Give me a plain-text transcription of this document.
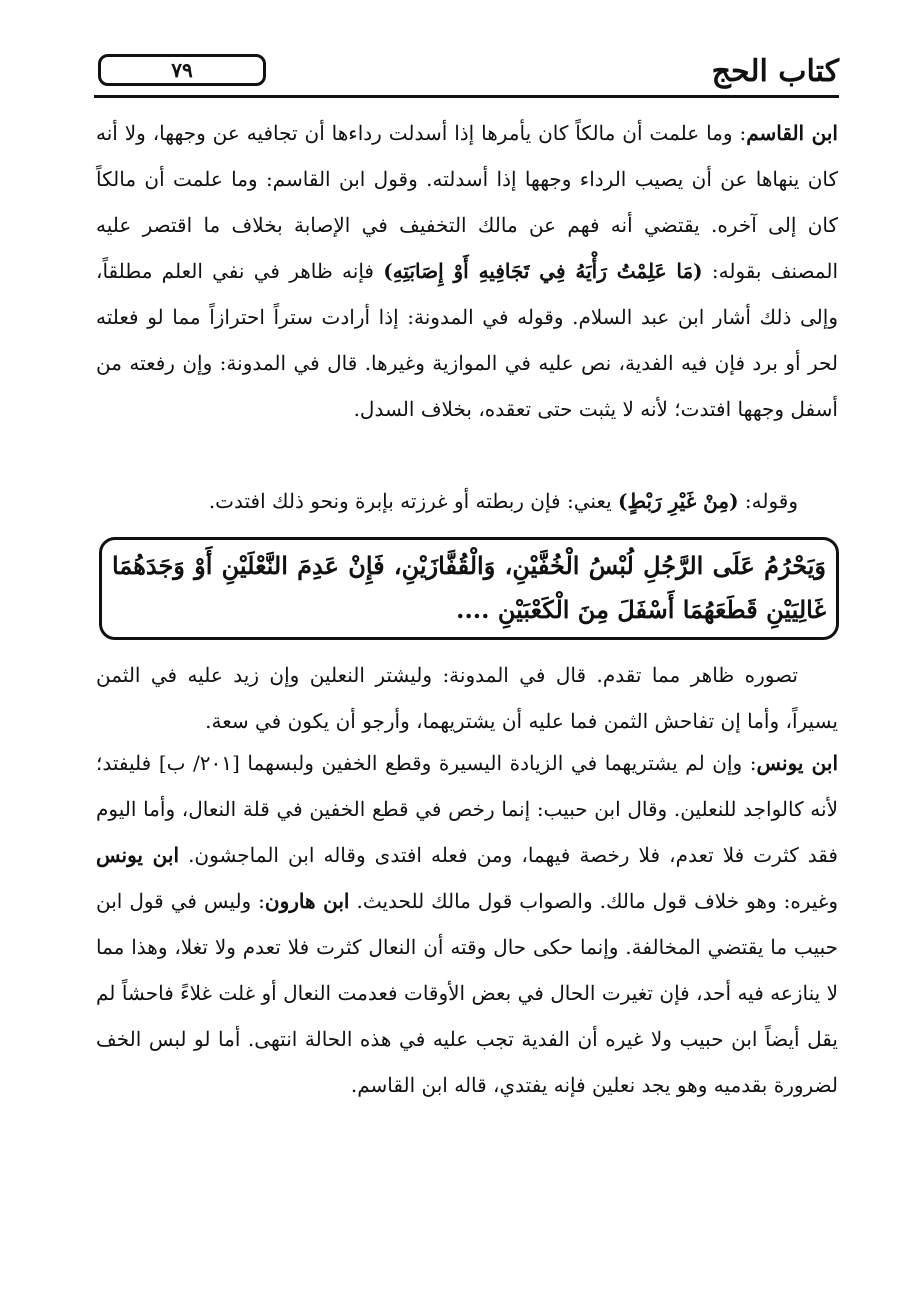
كتاب الحج
٧٩

ابن القاسم: وما علمت أن مالكاً كان يأمرها إذا أسدلت رداءها أن تجافيه عن وجهها، ولا أنه كان ينهاها عن أن يصيب الرداء وجهها إذا أسدلته. وقول ابن القاسم: وما علمت أن مالكاً كان إلى آخره. يقتضي أنه فهم عن مالك التخفيف في الإصابة بخلاف ما اقتصر عليه المصنف بقوله: (مَا عَلِمْتُ رَأْيَهُ فِي تَجَافِيهِ أَوْ إِصَابَتِهِ) فإنه ظاهر في نفي العلم مطلقاً، وإلى ذلك أشار ابن عبد السلام. وقوله في المدونة: إذا أرادت ستراً احترازاً مما لو فعلته لحر أو برد فإن فيه الفدية، نص عليه في الموازية وغيرها. قال في المدونة: وإن رفعته من أسفل وجهها افتدت؛ لأنه لا يثبت حتى تعقده، بخلاف السدل.

وقوله: (مِنْ غَيْرِ رَبْطٍ) يعني: فإن ربطته أو غرزته بإبرة ونحو ذلك افتدت.

وَيَحْرُمُ عَلَى الرَّجُلِ لُبْسُ الْخُفَّيْنِ، وَالْقُفَّازَيْنِ، فَإِنْ عَدِمَ النَّعْلَيْنِ أَوْ وَجَدَهُمَا غَالِيَيْنِ قَطَعَهُمَا أَسْفَلَ مِنَ الْكَعْبَيْنِ ....

تصوره ظاهر مما تقدم. قال في المدونة: وليشتر النعلين وإن زيد عليه في الثمن يسيراً، وأما إن تفاحش الثمن فما عليه أن يشتريهما، وأرجو أن يكون في سعة.

ابن يونس: وإن لم يشتريهما في الزيادة اليسيرة وقطع الخفين ولبسهما [٢٠١/ ب] فليفتد؛ لأنه كالواجد للنعلين. وقال ابن حبيب: إنما رخص في قطع الخفين في قلة النعال، وأما اليوم فقد كثرت فلا تعدم، فلا رخصة فيهما، ومن فعله افتدى وقاله ابن الماجشون. ابن يونس وغيره: وهو خلاف قول مالك. والصواب قول مالك للحديث. ابن هارون: وليس في قول ابن حبيب ما يقتضي المخالفة. وإنما حكى حال وقته أن النعال كثرت فلا تعدم ولا تغلا، وهذا مما لا ينازعه فيه أحد، فإن تغيرت الحال في بعض الأوقات فعدمت النعال أو غلت غلاءً فاحشاً لم يقل أيضاً ابن حبيب ولا غيره أن الفدية تجب عليه في هذه الحالة انتهى. أما لو لبس الخف لضرورة بقدميه وهو يجد نعلين فإنه يفتدي، قاله ابن القاسم.
